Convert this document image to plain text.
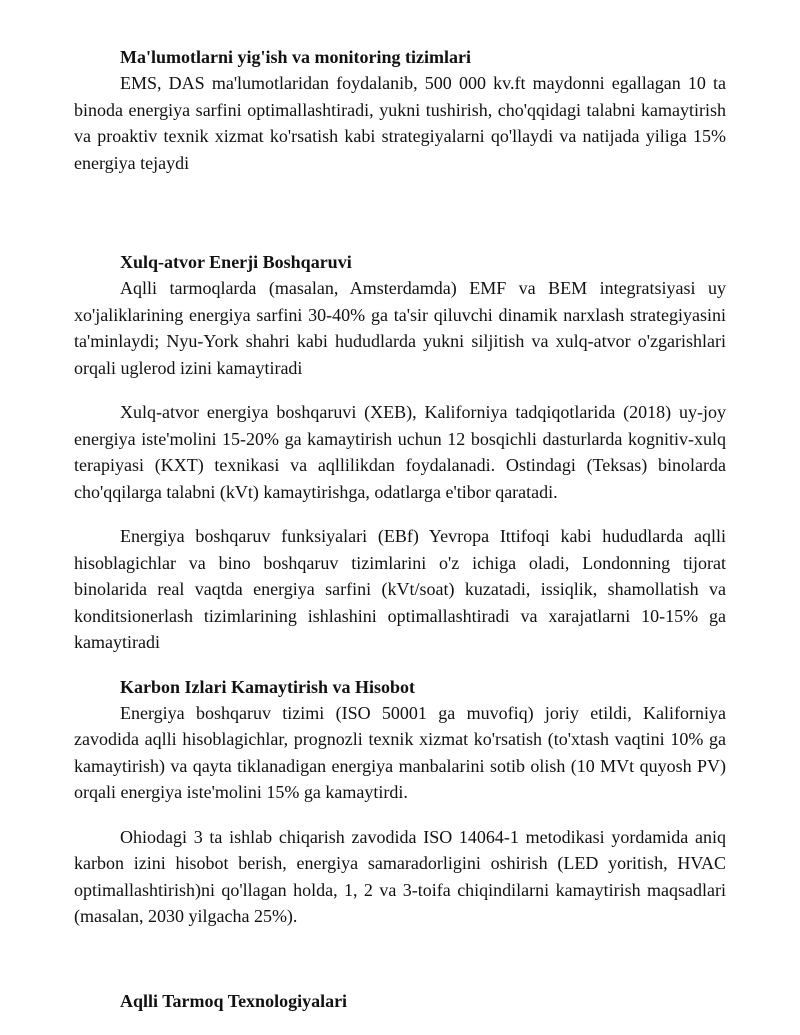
Ma'lumotlarni yig'ish va monitoring tizimlari

EMS, DAS ma'lumotlaridan foydalanib, 500 000 kv.ft maydonni egallagan 10 ta binoda energiya sarfini optimallashtiradi, yukni tushirish, cho'qqidagi talabni kamaytirish va proaktiv texnik xizmat ko'rsatish kabi strategiyalarni qo'llaydi va natijada yiliga 15% energiya tejaydi

Xulq-atvor Enerji Boshqaruvi

Aqlli tarmoqlarda (masalan, Amsterdamda) EMF va BEM integratsiyasi uy xo'jaliklarining energiya sarfini 30-40% ga ta'sir qiluvchi dinamik narxlash strategiyasini ta'minlaydi; Nyu-York shahri kabi hududlarda yukni siljitish va xulq-atvor o'zgarishlari orqali uglerod izini kamaytiradi

Xulq-atvor energiya boshqaruvi (XEB), Kaliforniya tadqiqotlarida (2018) uy-joy energiya iste'molini 15-20% ga kamaytirish uchun 12 bosqichli dasturlarda kognitiv-xulq terapiyasi (KXT) texnikasi va aqllilikdan foydalanadi. Ostindagi (Teksas) binolarda cho'qqilarga talabni (kVt) kamaytirishga, odatlarga e'tibor qaratadi.

Energiya boshqaruv funksiyalari (EBf) Yevropa Ittifoqi kabi hududlarda aqlli hisoblagichlar va bino boshqaruv tizimlarini o'z ichiga oladi, Londonning tijorat binolarida real vaqtda energiya sarfini (kVt/soat) kuzatadi, issiqlik, shamollatish va konditsionerlash tizimlarining ishlashini optimallashtiradi va xarajatlarni 10-15% ga kamaytiradi

Karbon Izlari Kamaytirish va Hisobot

Energiya boshqaruv tizimi (ISO 50001 ga muvofiq) joriy etildi, Kaliforniya zavodida aqlli hisoblagichlar, prognozli texnik xizmat ko'rsatish (to'xtash vaqtini 10% ga kamaytirish) va qayta tiklanadigan energiya manbalarini sotib olish (10 MVt quyosh PV) orqali energiya iste'molini 15% ga kamaytirdi.

Ohiodagi 3 ta ishlab chiqarish zavodida ISO 14064-1 metodikasi yordamida aniq karbon izini hisobot berish, energiya samaradorligini oshirish (LED yoritish, HVAC optimallashtirish)ni qo'llagan holda, 1, 2 va 3-toifa chiqindilarni kamaytirish maqsadlari (masalan, 2030 yilgacha 25%).

Aqlli Tarmoq Texnologiyalari
